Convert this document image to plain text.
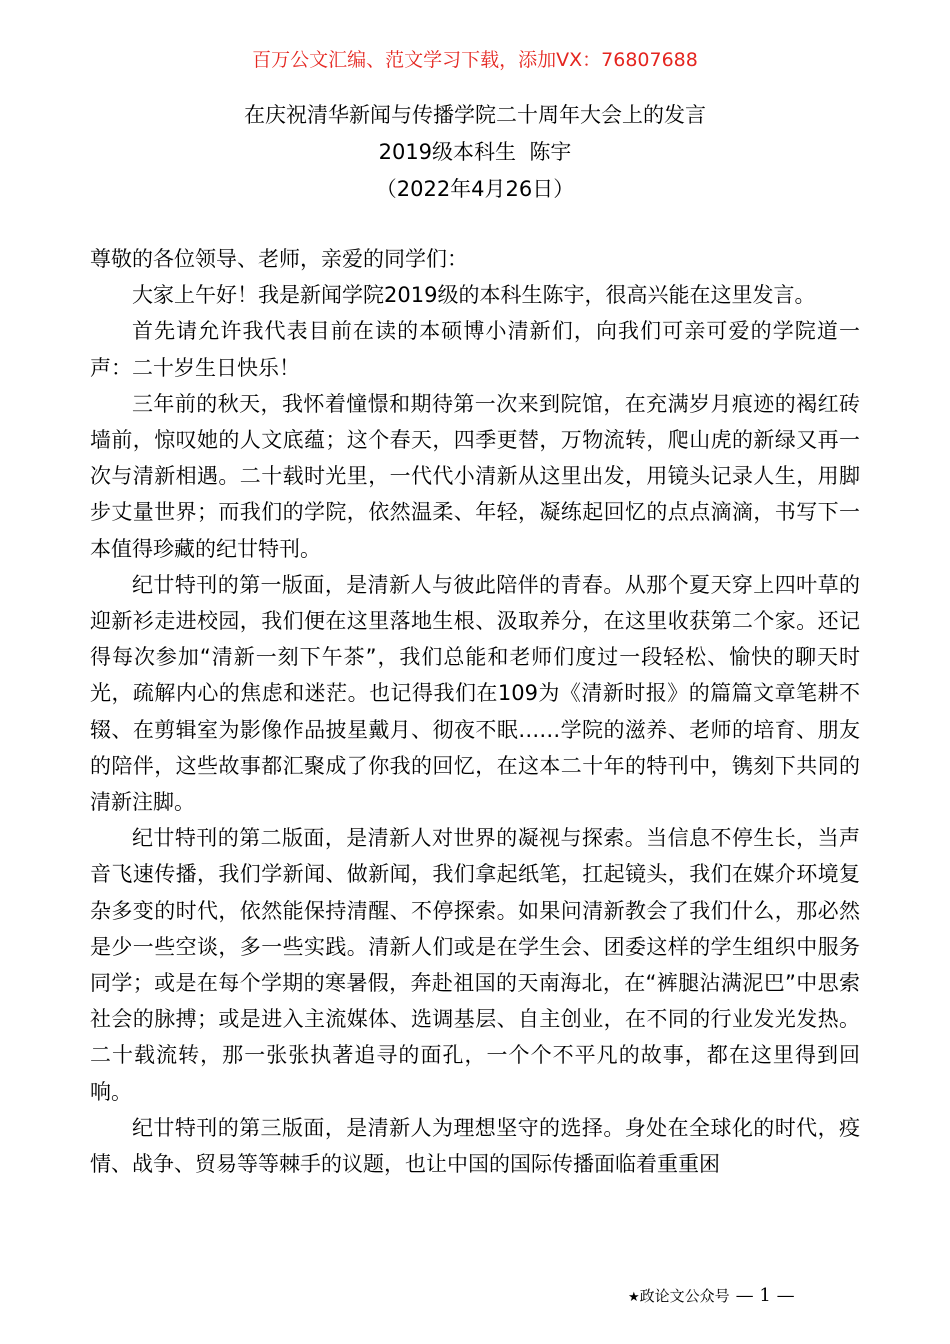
百万公文汇编、范文学习下载，添加VX：76807688
在庆祝清华新闻与传播学院二十周年大会上的发言
2019级本科生  陈宇
（2022年4月26日）

尊敬的各位领导、老师，亲爱的同学们：

大家上午好！我是新闻学院2019级的本科生陈宇，很高兴能在这里发言。

首先请允许我代表目前在读的本硕博小清新们，向我们可亲可爱的学院道一声：二十岁生日快乐！

三年前的秋天，我怀着憧憬和期待第一次来到院馆，在充满岁月痕迹的褐红砖墙前，惊叹她的人文底蕴；这个春天，四季更替，万物流转，爬山虎的新绿又再一次与清新相遇。二十载时光里，一代代小清新从这里出发，用镜头记录人生，用脚步丈量世界；而我们的学院，依然温柔、年轻，凝练起回忆的点点滴滴，书写下一本值得珍藏的纪廿特刊。

纪廿特刊的第一版面，是清新人与彼此陪伴的青春。从那个夏天穿上四叶草的迎新衫走进校园，我们便在这里落地生根、汲取养分，在这里收获第二个家。还记得每次参加“清新一刻下午茶”，我们总能和老师们度过一段轻松、愉快的聊天时光，疏解内心的焦虑和迷茫。也记得我们在109为《清新时报》的篇篇文章笔耕不辍、在剪辑室为影像作品披星戴月、彻夜不眠……学院的滋养、老师的培育、朋友的陪伴，这些故事都汇聚成了你我的回忆，在这本二十年的特刊中，镌刻下共同的清新注脚。

纪廿特刊的第二版面，是清新人对世界的凝视与探索。当信息不停生长，当声音飞速传播，我们学新闻、做新闻，我们拿起纸笔，扛起镜头，我们在媒介环境复杂多变的时代，依然能保持清醒、不停探索。如果问清新教会了我们什么，那必然是少一些空谈，多一些实践。清新人们或是在学生会、团委这样的学生组织中服务同学；或是在每个学期的寒暑假，奔赴祖国的天南海北，在“裤腿沾满泥巴”中思索社会的脉搏；或是进入主流媒体、选调基层、自主创业，在不同的行业发光发热。二十载流转，那一张张执著追寻的面孔，一个个不平凡的故事，都在这里得到回响。

纪廿特刊的第三版面，是清新人为理想坚守的选择。身处在全球化的时代，疫情、战争、贸易等等棘手的议题，也让中国的国际传播面临着重重困

★政论文公众号 — 1 —
